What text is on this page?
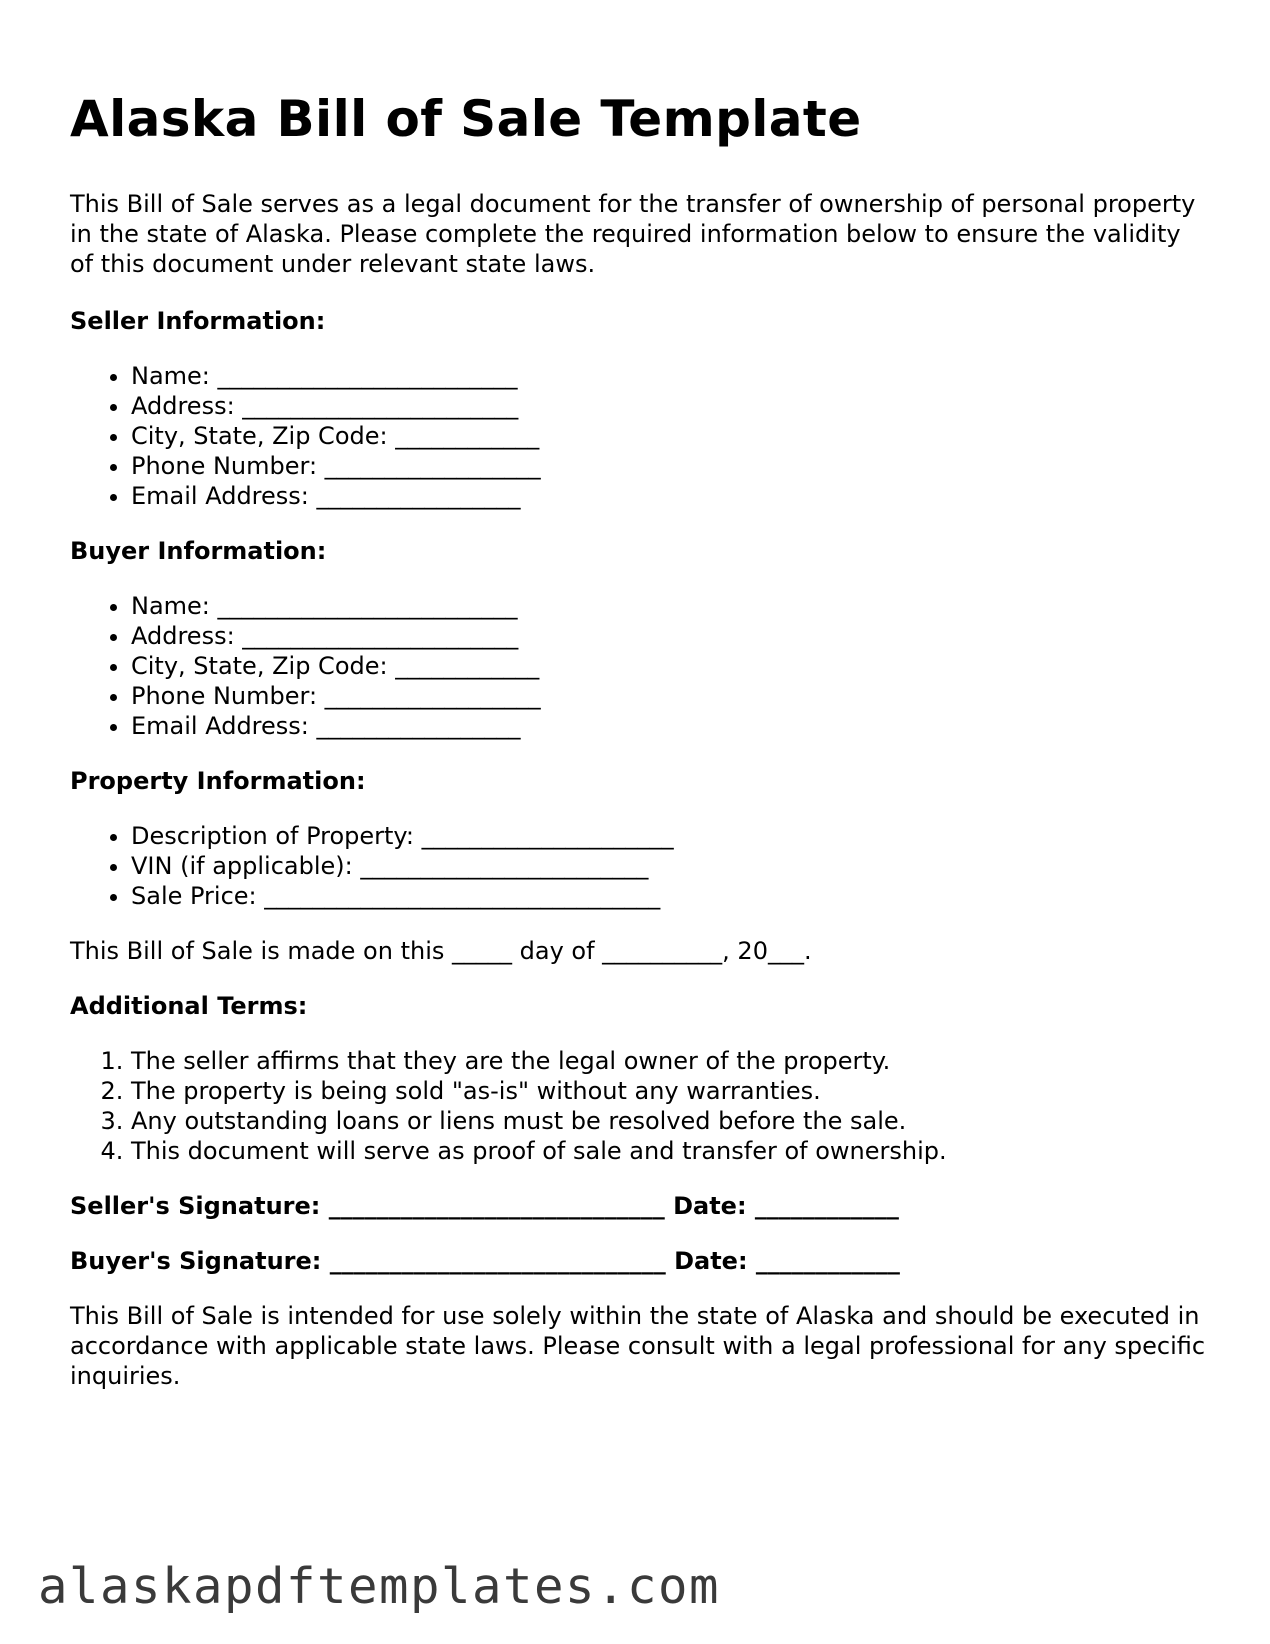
Alaska Bill of Sale Template

This Bill of Sale serves as a legal document for the transfer of ownership of personal property in the state of Alaska. Please complete the required information below to ensure the validity of this document under relevant state laws.

Seller Information:
• Name: _________________________
• Address: _______________________
• City, State, Zip Code: ____________
• Phone Number: __________________
• Email Address: _________________
Buyer Information:
• Name: _________________________
• Address: _______________________
• City, State, Zip Code: ____________
• Phone Number: __________________
• Email Address: _________________
Property Information:
• Description of Property: _____________________
• VIN (if applicable): ________________________
• Sale Price: _________________________________

This Bill of Sale is made on this _____ day of __________, 20___.

Additional Terms:
1. The seller affirms that they are the legal owner of the property.
2. The property is being sold "as-is" without any warranties.
3. Any outstanding loans or liens must be resolved before the sale.
4. This document will serve as proof of sale and transfer of ownership.

Seller's Signature: ____________________________ Date: ____________

Buyer's Signature: ____________________________ Date: ____________

This Bill of Sale is intended for use solely within the state of Alaska and should be executed in accordance with applicable state laws. Please consult with a legal professional for any specific inquiries.

alaskapdftemplates.com
